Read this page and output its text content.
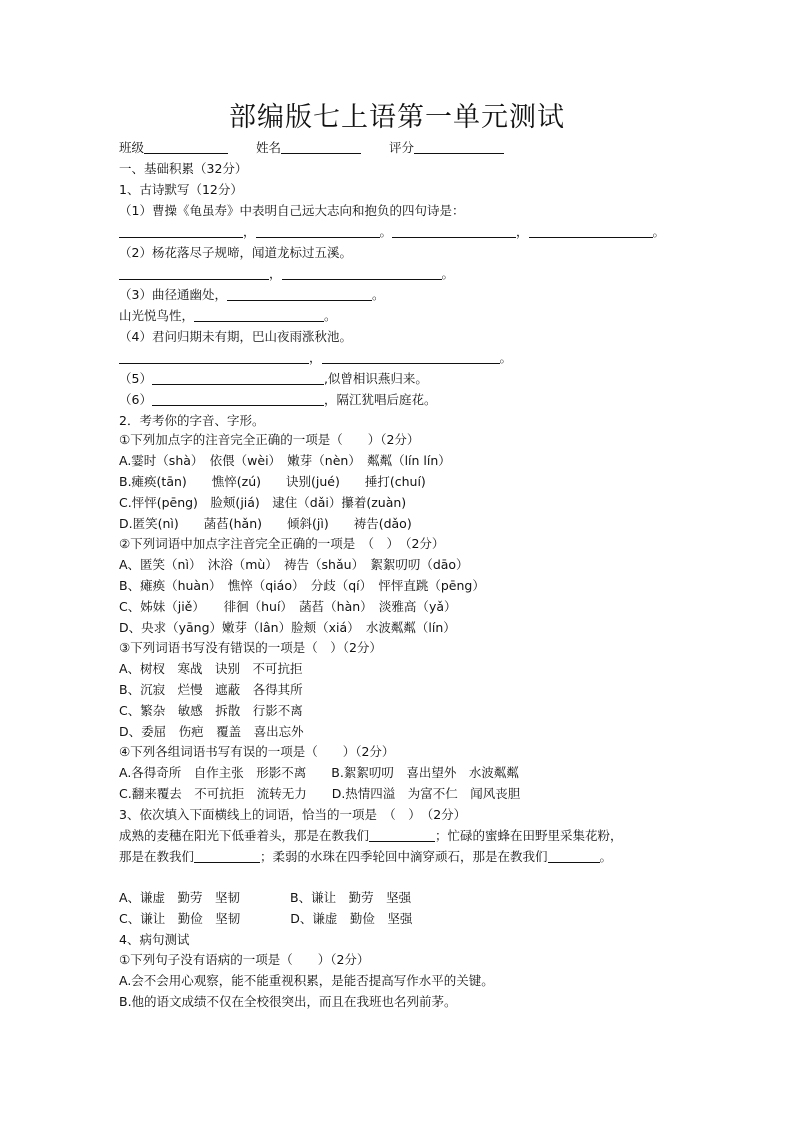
部编版七上语第一单元测试
班级	姓名	评分
一、基础积累（32分）
1、古诗默写（12分）
（1）曹操《龟虽寿》中表明自己远大志向和抱负的四句诗是：
，	。	，	。
（2）杨花落尽子规啼，闻道龙标过五溪。
，	。
（3）曲径通幽处，	。
山光悦鸟性，	。
（4）君问归期未有期，巴山夜雨涨秋池。
，	。
（5）	,似曾相识燕归来。
（6）	，隔江犹唱后庭花。
2．考考你的字音、字形。
①下列加点字的注音完全正确的一项是（　　）（2分）
A.霎时（shà）　依偎（wèi）　嫩芽（nèn）　粼粼（lín lín）
B.瘫痪(tān)　　憔悴(zú)　　诀别(jué)　　捶打(chuí)
C.怦怦(pēng)　脸颊(jiá)　逮住（dǎi）攥着(zuàn)
D.匿笑(nì)　　菡萏(hǎn)　　倾斜(jì)　　祷告(dǎo)
②下列词语中加点字注音完全正确的一项是　（　）　（2分）
A、匿笑（nì）　沐浴（mù）　祷告（shǎu）　絮絮叨叨（dāo）
B、瘫痪（huàn）　憔悴（qiáo）　分歧（qí）　怦怦直跳（pēng）
C、姊妹（jiě）　　徘徊（huí）　菡萏（hàn）　淡雅高（yǎ）
D、央求（yāng）嫩芽（lân）脸颊（xiá）　水波粼粼（lín）
③下列词语书写没有错误的一项是（　）（2分）
A、树杈　寒战　诀别　不可抗拒
B、沉寂　烂慢　遮蔽　各得其所
C、繁杂　敏感　拆散　行影不离
D、委屈　伤疤　覆盖　喜出忘外
④下列各组词语书写有误的一项是（　　）（2分）
A.各得奇所　自作主张　形影不离　　B.絮絮叨叨　喜出望外　水波粼粼
C.翻来覆去　不可抗拒　流转无力　　D.热情四溢　为富不仁　闻风丧胆
3、依次填入下面横线上的词语，恰当的一项是　（　）　（2分）
成熟的麦穗在阳光下低垂着头，那是在教我们	；忙碌的蜜蜂在田野里采集花粉，
那是在教我们	；柔弱的水珠在四季轮回中滴穿顽石，那是在教我们	。
A、谦虚　勤劳　坚韧　　　　B、谦让　勤劳　坚强
C、谦让　勤俭　坚韧　　　　D、谦虚　勤俭　坚强
4、病句测试
①下列句子没有语病的一项是（　　）（2分）
A.会不会用心观察，能不能重视积累，是能否提高写作水平的关键。
B.他的语文成绩不仅在全校很突出，而且在我班也名列前茅。
